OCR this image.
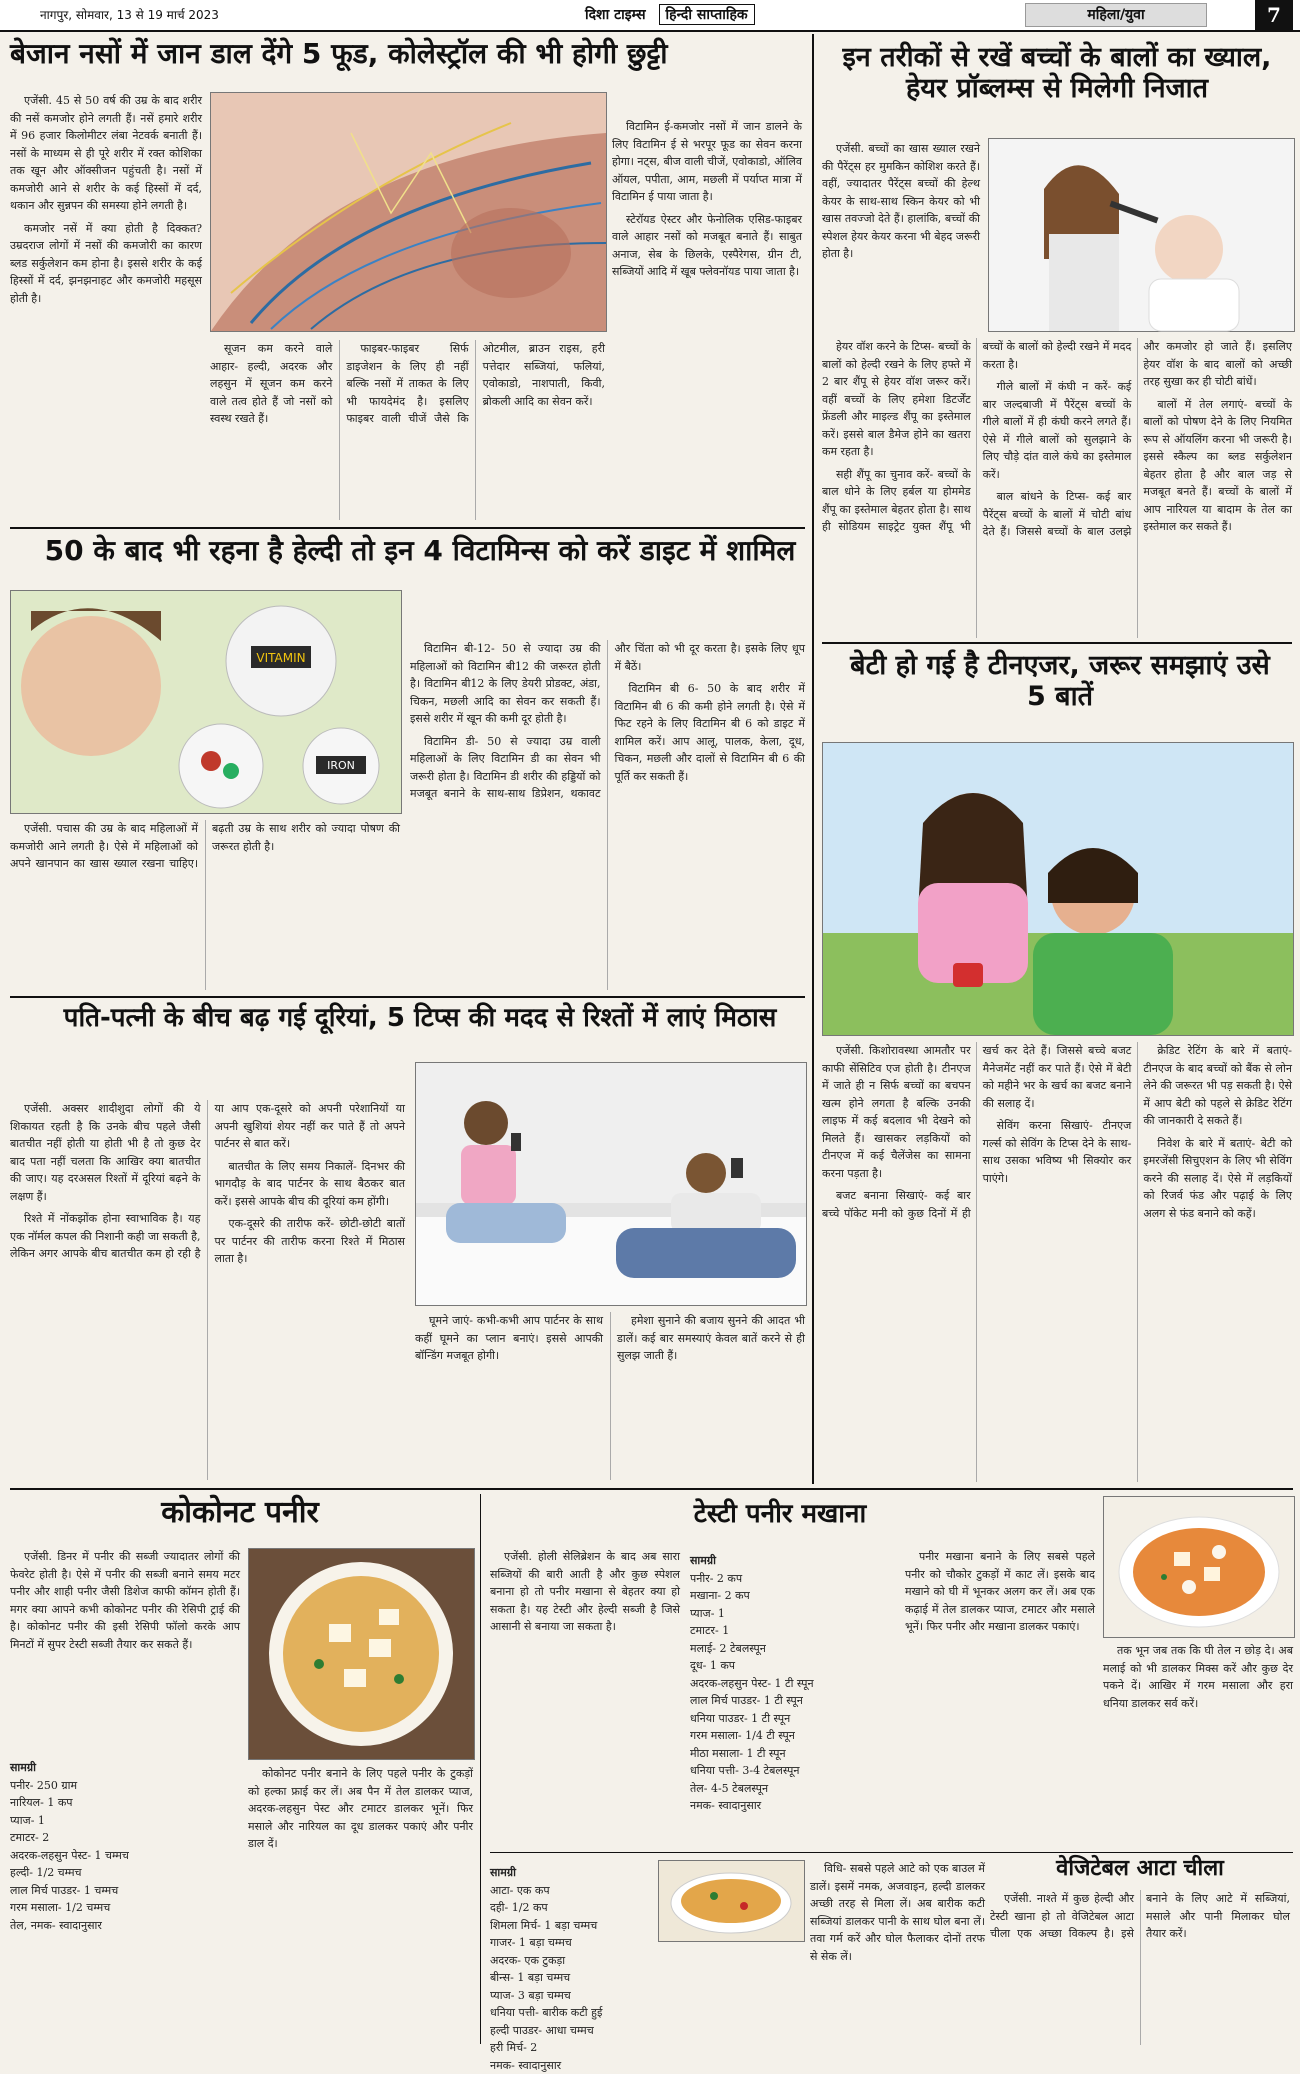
नागपुर, सोमवार, 13 से 19 मार्च 2023	दिशा टाइम्स हिन्दी साप्ताहिक	महिला/युवा	7
बेजान नसों में जान डाल देंगे 5 फूड, कोलेस्ट्रॉल की भी होगी छुट्टी

एजेंसी. 45 से 50 वर्ष की उम्र के बाद शरीर की नसें कमजोर होने लगती हैं। नसें हमारे शरीर में 96 हजार किलोमीटर लंबा नेटवर्क बनाती हैं। नसों के माध्यम से ही पूरे शरीर में रक्त कोशिका तक खून और ऑक्सीजन पहुंचती है। नसों में कमजोरी आने से शरीर के कई हिस्सों में दर्द, थकान और सुन्नपन की समस्या होने लगती है।

कमजोर नसें में क्या होती है दिक्कत? उम्रदराज लोगों में नसों की कमजोरी का कारण ब्लड सर्कुलेशन कम होना है। इससे शरीर के कई हिस्सों में दर्द, झनझनाहट और कमजोरी महसूस होती है।

विटामिन ई-कमजोर नसों में जान डालने के लिए विटामिन ई से भरपूर फूड का सेवन करना होगा। नट्स, बीज वाली चीजें, एवोकाडो, ऑलिव ऑयल, पपीता, आम, मछली में पर्याप्त मात्रा में विटामिन ई पाया जाता है।

स्टेरॉयड ऐस्टर और फेनोलिक एसिड-फाइबर वाले आहार नसों को मजबूत बनाते हैं। साबुत अनाज, सेब के छिलके, एस्पैरेगस, ग्रीन टी, सब्जियों आदि में खूब फ्लेवनॉयड पाया जाता है।

सूजन कम करने वाले आहार- हल्दी, अदरक और लहसुन में सूजन कम करने वाले तत्व होते हैं जो नसों को स्वस्थ रखते हैं।

फाइबर-फाइबर सिर्फ डाइजेशन के लिए ही नहीं बल्कि नसों में ताकत के लिए भी फायदेमंद है। इसलिए फाइबर वाली चीजें जैसे कि ओटमील, ब्राउन राइस, हरी पत्तेदार सब्जियां, फलियां, एवोकाडो, नाशपाती, किवी, ब्रोकली आदि का सेवन करें।

50 के बाद भी रहना है हेल्दी तो इन 4 विटामिन्स को करें डाइट में शामिल
VITAMIN
IRON

विटामिन बी-12- 50 से ज्यादा उम्र की महिलाओं को विटामिन बी12 की जरूरत होती है। विटामिन बी12 के लिए डेयरी प्रोडक्ट, अंडा, चिकन, मछली आदि का सेवन कर सकती हैं। इससे शरीर में खून की कमी दूर होती है।

विटामिन डी- 50 से ज्यादा उम्र वाली महिलाओं के लिए विटामिन डी का सेवन भी जरूरी होता है। विटामिन डी शरीर की हड्डियों को मजबूत बनाने के साथ-साथ डिप्रेशन, थकावट और चिंता को भी दूर करता है। इसके लिए धूप में बैठें।

विटामिन बी 6- 50 के बाद शरीर में विटामिन बी 6 की कमी होने लगती है। ऐसे में फिट रहने के लिए विटामिन बी 6 को डाइट में शामिल करें। आप आलू, पालक, केला, दूध, चिकन, मछली और दालों से विटामिन बी 6 की पूर्ति कर सकती हैं।

एजेंसी. पचास की उम्र के बाद महिलाओं में कमजोरी आने लगती है। ऐसे में महिलाओं को अपने खानपान का खास ख्याल रखना चाहिए। बढ़ती उम्र के साथ शरीर को ज्यादा पोषण की जरूरत होती है।

पति-पत्नी के बीच बढ़ गई दूरियां, 5 टिप्स की मदद से रिश्तों में लाएं मिठास

एजेंसी. अक्सर शादीशुदा लोगों की ये शिकायत रहती है कि उनके बीच पहले जैसी बातचीत नहीं होती या होती भी है तो कुछ देर बाद पता नहीं चलता कि आखिर क्या बातचीत की जाए। यह दरअसल रिश्तों में दूरियां बढ़ने के लक्षण हैं।

रिश्ते में नोंकझोंक होना स्वाभाविक है। यह एक नॉर्मल कपल की निशानी कही जा सकती है, लेकिन अगर आपके बीच बातचीत कम हो रही है या आप एक-दूसरे को अपनी परेशानियों या अपनी खुशियां शेयर नहीं कर पाते हैं तो अपने पार्टनर से बात करें।

बातचीत के लिए समय निकालें- दिनभर की भागदौड़ के बाद पार्टनर के साथ बैठकर बात करें। इससे आपके बीच की दूरियां कम होंगी।

एक-दूसरे की तारीफ करें- छोटी-छोटी बातों पर पार्टनर की तारीफ करना रिश्ते में मिठास लाता है।

घूमने जाएं- कभी-कभी आप पार्टनर के साथ कहीं घूमने का प्लान बनाएं। इससे आपकी बॉन्डिंग मजबूत होगी।

हमेशा सुनाने की बजाय सुनने की आदत भी डालें। कई बार समस्याएं केवल बातें करने से ही सुलझ जाती हैं।

इन तरीकों से रखें बच्चों के बालों का ख्याल, हेयर प्रॉब्लम्स से मिलेगी निजात

एजेंसी. बच्चों का खास ख्याल रखने की पैरेंट्स हर मुमकिन कोशिश करते हैं। वहीं, ज्यादातर पैरेंट्स बच्चों की हेल्थ केयर के साथ-साथ स्किन केयर को भी खास तवज्जो देते हैं। हालांकि, बच्चों की स्पेशल हेयर केयर करना भी बेहद जरूरी होता है।

हेयर वॉश करने के टिप्स- बच्चों के बालों को हेल्दी रखने के लिए हफ्ते में 2 बार शैंपू से हेयर वॉश जरूर करें। वहीं बच्चों के लिए हमेशा डिटर्जेंट फ्रेंडली और माइल्ड शैंपू का इस्तेमाल करें। इससे बाल डैमेज होने का खतरा कम रहता है।

सही शैंपू का चुनाव करें- बच्चों के बाल धोने के लिए हर्बल या होममेड शैंपू का इस्तेमाल बेहतर होता है। साथ ही सोडियम साइट्रेट युक्त शैंपू भी बच्चों के बालों को हेल्दी रखने में मदद करता है।

गीले बालों में कंघी न करें- कई बार जल्दबाजी में पैरेंट्स बच्चों के गीले बालों में ही कंघी करने लगते हैं। ऐसे में गीले बालों को सुलझाने के लिए चौड़े दांत वाले कंघे का इस्तेमाल करें।

बाल बांधने के टिप्स- कई बार पैरेंट्स बच्चों के बालों में चोटी बांध देते हैं। जिससे बच्चों के बाल उलझे और कमजोर हो जाते हैं। इसलिए हेयर वॉश के बाद बालों को अच्छी तरह सुखा कर ही चोटी बांधें।

बालों में तेल लगाएं- बच्चों के बालों को पोषण देने के लिए नियमित रूप से ऑयलिंग करना भी जरूरी है। इससे स्कैल्प का ब्लड सर्कुलेशन बेहतर होता है और बाल जड़ से मजबूत बनते हैं। बच्चों के बालों में आप नारियल या बादाम के तेल का इस्तेमाल कर सकते हैं।

बेटी हो गई है टीनएजर, जरूर समझाएं उसे 5 बातें

एजेंसी. किशोरावस्था आमतौर पर काफी सेंसिटिव एज होती है। टीनएज में जाते ही न सिर्फ बच्चों का बचपन खत्म होने लगता है बल्कि उनकी लाइफ में कई बदलाव भी देखने को मिलते हैं। खासकर लड़कियों को टीनएज में कई चैलेंजेस का सामना करना पड़ता है।

बजट बनाना सिखाएं- कई बार बच्चे पॉकेट मनी को कुछ दिनों में ही खर्च कर देते हैं। जिससे बच्चे बजट मैनेजमेंट नहीं कर पाते हैं। ऐसे में बेटी को महीने भर के खर्च का बजट बनाने की सलाह दें।

सेविंग करना सिखाएं- टीनएज गर्ल्स को सेविंग के टिप्स देने के साथ-साथ उसका भविष्य भी सिक्योर कर पाएंगे।

क्रेडिट रेटिंग के बारे में बताएं- टीनएज के बाद बच्चों को बैंक से लोन लेने की जरूरत भी पड़ सकती है। ऐसे में आप बेटी को पहले से क्रेडिट रेटिंग की जानकारी दे सकते हैं।

निवेश के बारे में बताएं- बेटी को इमरजेंसी सिचुएशन के लिए भी सेविंग करने की सलाह दें। ऐसे में लड़कियों को रिजर्व फंड और पढ़ाई के लिए अलग से फंड बनाने को कहें।

कोकोनट पनीर

एजेंसी. डिनर में पनीर की सब्जी ज्यादातर लोगों की फेवरेट होती है। ऐसे में पनीर की सब्जी बनाने समय मटर पनीर और शाही पनीर जैसी डिशेज काफी कॉमन होती हैं। मगर क्या आपने कभी कोकोनट पनीर की रेसिपी ट्राई की है। कोकोनट पनीर की इसी रेसिपी फॉलो करके आप मिनटों में सुपर टेस्टी सब्जी तैयार कर सकते हैं।

सामग्री
पनीर- 250 ग्राम
नारियल- 1 कप
प्याज- 1
टमाटर- 2
अदरक-लहसुन पेस्ट- 1 चम्मच
हल्दी- 1/2 चम्मच
लाल मिर्च पाउडर- 1 चम्मच
गरम मसाला- 1/2 चम्मच
तेल, नमक- स्वादानुसार

कोकोनट पनीर बनाने के लिए पहले पनीर के टुकड़ों को हल्का फ्राई कर लें। अब पैन में तेल डालकर प्याज, अदरक-लहसुन पेस्ट और टमाटर डालकर भूनें। फिर मसाले और नारियल का दूध डालकर पकाएं और पनीर डाल दें।

टेस्टी पनीर मखाना

एजेंसी. होली सेलिब्रेशन के बाद अब सारा सब्जियों की बारी आती है और कुछ स्पेशल बनाना हो तो पनीर मखाना से बेहतर क्या हो सकता है। यह टेस्टी और हेल्दी सब्जी है जिसे आसानी से बनाया जा सकता है।

सामग्री
पनीर- 2 कप
मखाना- 2 कप
प्याज- 1
टमाटर- 1
मलाई- 2 टेबलस्पून
दूध- 1 कप
अदरक-लहसुन पेस्ट- 1 टी स्पून
लाल मिर्च पाउडर- 1 टी स्पून
धनिया पाउडर- 1 टी स्पून
गरम मसाला- 1/4 टी स्पून
मीठा मसाला- 1 टी स्पून
धनिया पत्ती- 3-4 टेबलस्पून
तेल- 4-5 टेबलस्पून
नमक- स्वादानुसार

पनीर मखाना बनाने के लिए सबसे पहले पनीर को चौकोर टुकड़ों में काट लें। इसके बाद मखाने को घी में भूनकर अलग कर लें। अब एक कढ़ाई में तेल डालकर प्याज, टमाटर और मसाले भूनें। फिर पनीर और मखाना डालकर पकाएं।

तक भून जब तक कि घी तेल न छोड़ दे। अब मलाई को भी डालकर मिक्स करें और कुछ देर पकने दें। आखिर में गरम मसाला और हरा धनिया डालकर सर्व करें।

सामग्री
आटा- एक कप
दही- 1/2 कप
शिमला मिर्च- 1 बड़ा चम्मच
गाजर- 1 बड़ा चम्मच
अदरक- एक टुकड़ा
बीन्स- 1 बड़ा चम्मच
प्याज- 3 बड़ा चम्मच
धनिया पत्ती- बारीक कटी हुई
हल्दी पाउडर- आधा चम्मच
हरी मिर्च- 2
नमक- स्वादानुसार

विधि- सबसे पहले आटे को एक बाउल में डालें। इसमें नमक, अजवाइन, हल्दी डालकर अच्छी तरह से मिला लें। अब बारीक कटी सब्जियां डालकर पानी के साथ घोल बना लें। तवा गर्म करें और घोल फैलाकर दोनों तरफ से सेक लें।

वेजिटेबल आटा चीला

एजेंसी. नाश्ते में कुछ हेल्दी और टेस्टी खाना हो तो वेजिटेबल आटा चीला एक अच्छा विकल्प है। इसे बनाने के लिए आटे में सब्जियां, मसाले और पानी मिलाकर घोल तैयार करें।
